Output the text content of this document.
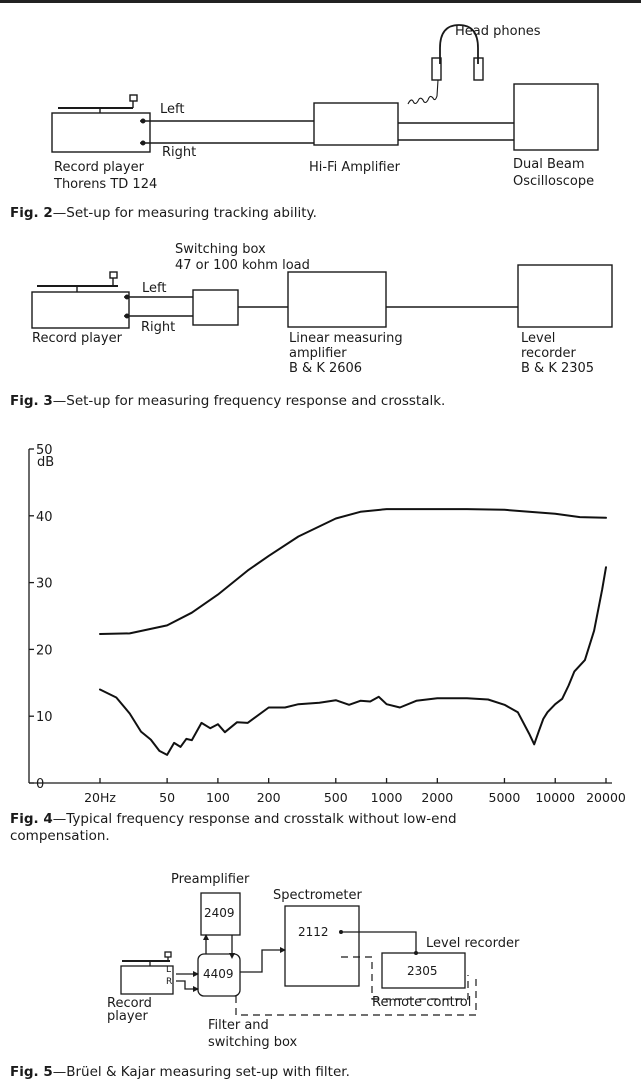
Head phones
Left
Right
Record player
Thorens TD 124
Hi-Fi Amplifier	Dual Beam
Oscilloscope
Fig. 2—Set-up for measuring tracking ability.
Switching box
47 or 100 kohm load
Left
Right
Record player	Linear measuring
amplifier
B & K 2606
Level
recorder
B & K 2305
Fig. 3—Set-up for measuring frequency response and crosstalk.
0
10
20
30
40
50
20Hz	50 100 200	500 1000 2000	5000 10000 20000
dB
Fig. 4—Typical frequency response and crosstalk without low-end
compensation.
Preamplifier
2409
Spectrometer
2112
Level recorder
2305
4409
L
R
Remote control
Record
player
Filter and
switching box
Fig. 5—Brüel & Kajar measuring set-up with filter.
